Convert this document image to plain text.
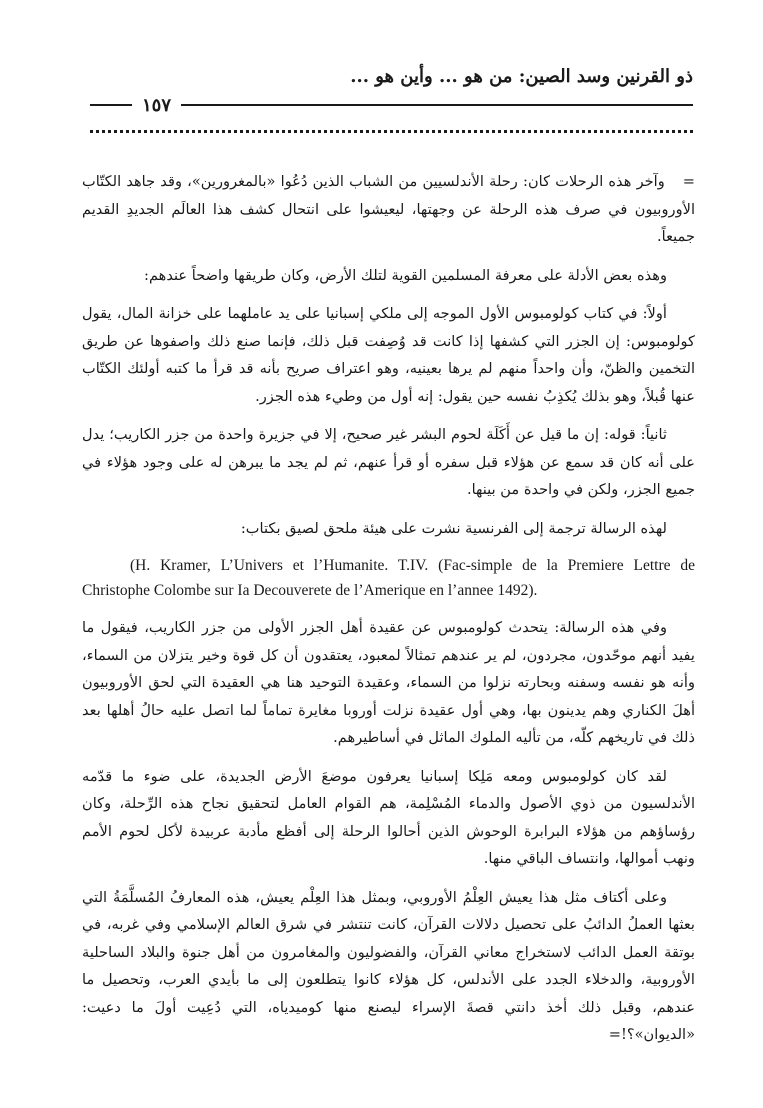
ذو القرنين وسد الصين: من هو ... وأين هو ...
١٥٧

=وآخر هذه الرحلات كان: رحلة الأندلسيين من الشباب الذين دُعُوا «بالمغرورين»، وقد جاهد الكتّاب الأوروبيون في صرف هذه الرحلة عن وجهتها، ليعيشوا على انتحال كشف هذا العالَم الجديدِ القديم جميعاً.

وهذه بعض الأدلة على معرفة المسلمين القوية لتلك الأرض، وكان طريقها واضحاً عندهم:

أولاً: في كتاب كولومبوس الأول الموجه إلى ملكي إسبانيا على يد عاملهما على خزانة المال، يقول كولومبوس: إن الجزر التي كشفها إذا كانت قد وُصِفت قبل ذلك، فإنما صنع ذلك واصفوها عن طريق التخمين والظنّ، وأن واحداً منهم لم يرها بعينيه، وهو اعتراف صريح بأنه قد قرأ ما كتبه أولئك الكتّاب عنها قُبلاً، وهو بذلك يُكذِبُ نفسه حين يقول: إنه أول من وطيء هذه الجزر.

ثانياً: قوله: إن ما قيل عن أَكَلَة لحوم البشر غير صحيح، إلا في جزيرة واحدة من جزر الكاريب؛ يدل على أنه كان قد سمع عن هؤلاء قبل سفره أو قرأ عنهم، ثم لم يجد ما يبرهن له على وجود هؤلاء في جميع الجزر، ولكن في واحدة من بينها.

لهذه الرسالة ترجمة إلى الفرنسية نشرت على هيئة ملحق لصيق بكتاب:

(H. Kramer, L’Univers et l’Humanite. T.IV. (Fac-simple de la Premiere Lettre de Christophe Colombe sur Ia Decouverete de l’Amerique en l’annee 1492).

وفي هذه الرسالة: يتحدث كولومبوس عن عقيدة أهل الجزر الأولى من جزر الكاريب، فيقول ما يفيد أنهم موحّدون، مجردون، لم ير عندهم تمثالاً لمعبود، يعتقدون أن كل قوة وخير يتزلان من السماء، وأنه هو نفسه وسفنه وبحارته نزلوا من السماء، وعقيدة التوحيد هنا هي العقيدة التي لحق الأوروبيون أهلَ الكناري وهم يدينون بها، وهي أول عقيدة نزلت أوروبا مغايرة تماماً لما اتصل عليه حالُ أهلها بعد ذلك في تاريخهم كلّه، من تأليه الملوك الماثل في أساطيرهم.

لقد كان كولومبوس ومعه مَلِكا إسبانيا يعرفون موضعَ الأرض الجديدة، على ضوء ما قدّمه الأندلسيون من ذوي الأصول والدماء المُسْلِمة، هم القوام العامل لتحقيق نجاح هذه الرِّحلة، وكان رؤساؤهم من هؤلاء البرابرة الوحوش الذين أحالوا الرحلة إلى أفظع مأدبة عربيدة لأكل لحوم الأمم ونهب أموالها، وانتساف الباقي منها.

وعلى أكتاف مثل هذا يعيش العِلْمُ الأوروبي، وبمثل هذا العِلْم يعيش، هذه المعارفُ المُسلَّمَةُ التي بعثها العملُ الدائبُ على تحصيل دلالات القرآن، كانت تنتشر في شرق العالم الإسلامي وفي غربه، في بوتقة العمل الدائب لاستخراج معاني القرآن، والفضوليون والمغامرون من أهل جنوة والبلاد الساحلية الأوروبية، والدخلاء الجدد على الأندلس، كل هؤلاء كانوا يتطلعون إلى ما بأيدي العرب، وتحصيل ما عندهم، وقبل ذلك أخذ دانتي قصةَ الإسراء ليصنع منها كوميدياه، التي دُعِيت أولَ ما دعيت: «الديوان»؟!=
